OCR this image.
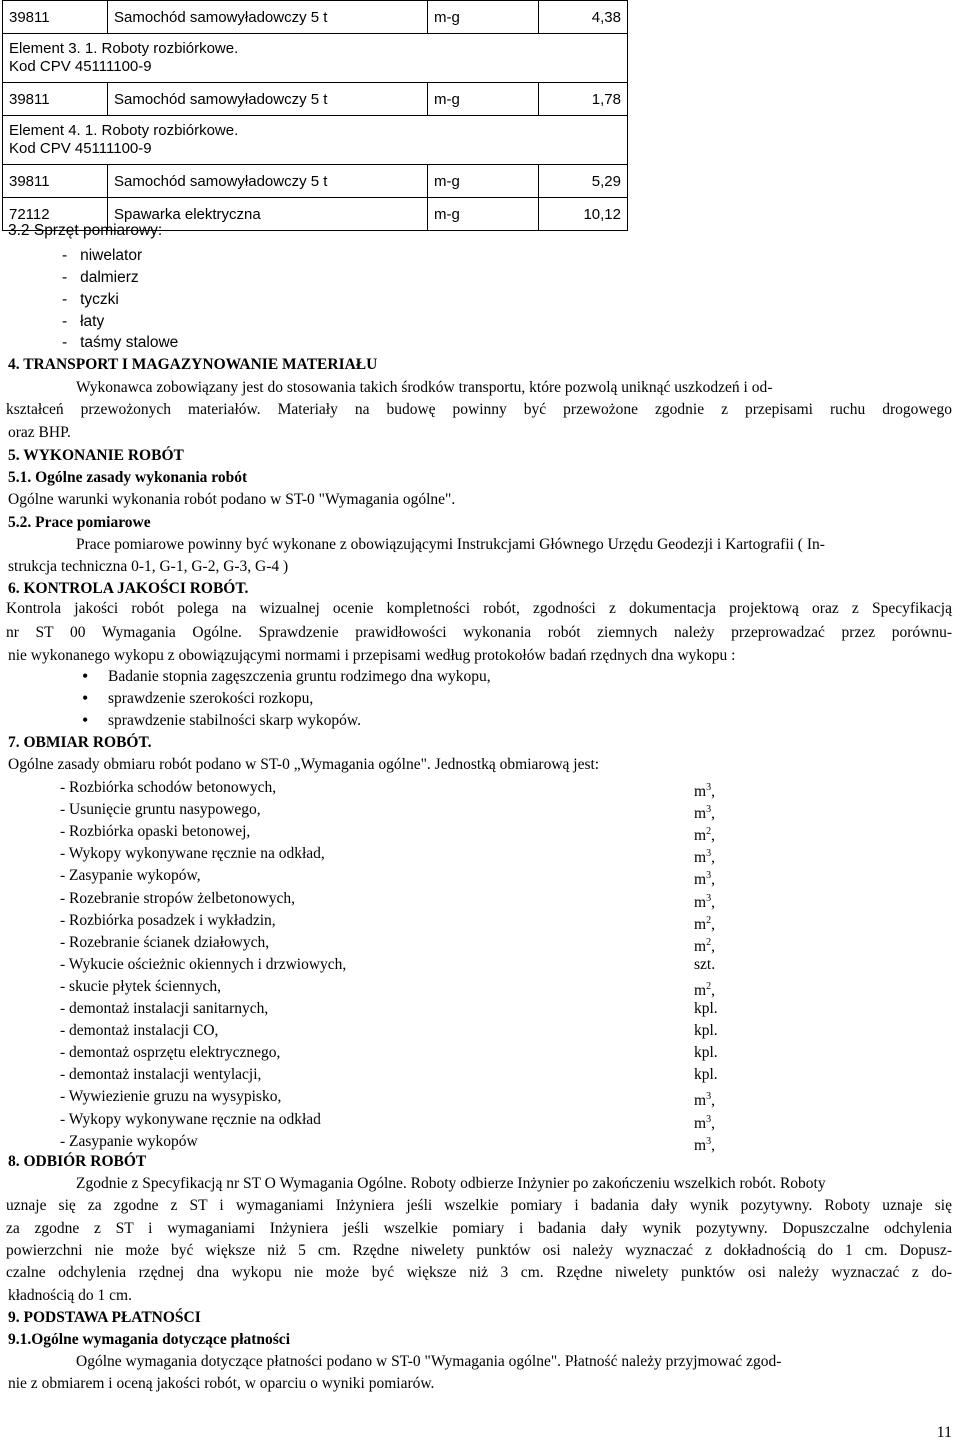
39811	Samochód samowyładowczy 5 t	m-g	4,38

Element 3. 1. Roboty rozbiórkowe.
Kod CPV 45111100-9			

39811	Samochód samowyładowczy 5 t	m-g	1,78

Element 4. 1. Roboty rozbiórkowe.
Kod CPV 45111100-9			

39811	Samochód samowyładowczy 5 t	m-g	5,29
72112	Spawarka elektryczna	m-g	10,12
3.2 Sprzęt pomiarowy:
-   niwelator
-   dalmierz
-   tyczki
-   łaty
-   taśmy stalowe
4. TRANSPORT I MAGAZYNOWANIE MATERIAŁU
Wykonawca zobowiązany jest do stosowania takich środków transportu, które pozwolą uniknąć uszkodzeń i od-
kształceń przewożonych materiałów. Materiały na budowę powinny być przewożone zgodnie z przepisami ruchu drogowego
oraz BHP.
5. WYKONANIE ROBÓT
5.1. Ogólne zasady wykonania robót
Ogólne warunki wykonania robót podano w ST-0 "Wymagania ogólne".
5.2. Prace pomiarowe
Prace pomiarowe powinny być wykonane z obowiązującymi Instrukcjami Głównego Urzędu Geodezji i Kartografii ( In-
strukcja techniczna 0-1, G-1, G-2, G-3, G-4 )
6. KONTROLA JAKOŚCI ROBÓT.
Kontrola jakości robót polega na wizualnej ocenie kompletności robót, zgodności z dokumentacja projektową oraz z Specyfikacją
nr ST 00 Wymagania Ogólne. Sprawdzenie prawidłowości wykonania robót ziemnych należy przeprowadzać przez porównu-
nie wykonanego wykopu z obowiązującymi normami i przepisami według protokołów badań rzędnych dna wykopu :
• Badanie stopnia zagęszczenia gruntu rodzimego dna wykopu,
• sprawdzenie szerokości rozkopu,
• sprawdzenie stabilności skarp wykopów.
7. OBMIAR ROBÓT.
Ogólne zasady obmiaru robót podano w ST-0 „Wymagania ogólne". Jednostką obmiarową jest:
- Rozbiórka schodów betonowych,	$m^3$,
- Usunięcie gruntu nasypowego,	$m^3$,
- Rozbiórka opaski betonowej,	$m^2$,
- Wykopy wykonywane ręcznie na odkład,	$m^3$,
- Zasypanie wykopów,	$m^3$,
- Rozebranie stropów żelbetonowych,	$m^3$,
- Rozbiórka posadzek i wykładzin,	$m^2$,
- Rozebranie ścianek działowych,	$m^2$,
- Wykucie ościeżnic okiennych i drzwiowych,	szt.
- skucie płytek ściennych,	$m^2$,
- demontaż instalacji sanitarnych,	kpl.
- demontaż instalacji CO,	kpl.
- demontaż osprzętu elektrycznego,	kpl.
- demontaż instalacji wentylacji,	kpl.
- Wywiezienie gruzu na wysypisko,	$m^3$,
- Wykopy wykonywane ręcznie na odkład	$m^3$,
- Zasypanie wykopów	$m^3$,
8. ODBIÓR ROBÓT
Zgodnie z Specyfikacją nr ST O Wymagania Ogólne. Roboty odbierze Inżynier po zakończeniu wszelkich robót. Roboty
uznaje się za zgodne z ST i wymaganiami Inżyniera jeśli wszelkie pomiary i badania dały wynik pozytywny. Roboty uznaje się
za zgodne z ST i wymaganiami Inżyniera jeśli wszelkie pomiary i badania dały wynik pozytywny. Dopuszczalne odchylenia
powierzchni nie może być większe niż 5 cm. Rzędne niwelety punktów osi należy wyznaczać z dokładnością do 1 cm. Dopusz-
czalne odchylenia rzędnej dna wykopu nie może być większe niż 3 cm. Rzędne niwelety punktów osi należy wyznaczać z do-
kładnością do 1 cm.
9. PODSTAWA PŁATNOŚCI
9.1.Ogólne wymagania dotyczące płatności
Ogólne wymagania dotyczące płatności podano w ST-0 "Wymagania ogólne". Płatność należy przyjmować zgod-
nie z obmiarem i oceną jakości robót, w oparciu o wyniki pomiarów.
11
